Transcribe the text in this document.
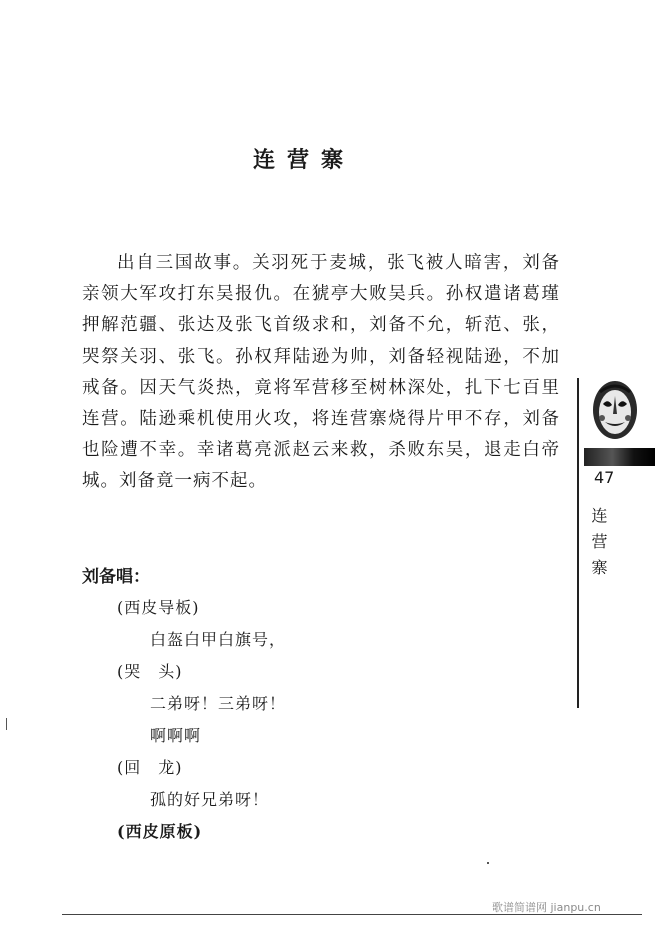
连营寨
出自三国故事。关羽死于麦城，张飞被人暗害，刘备亲领大军攻打东吴报仇。在猇亭大败吴兵。孙权遣诸葛瑾押解范疆、张达及张飞首级求和，刘备不允，斩范、张，哭祭关羽、张飞。孙权拜陆逊为帅，刘备轻视陆逊，不加戒备。因天气炎热，竟将军营移至树林深处，扎下七百里连营。陆逊乘机使用火攻，将连营寨烧得片甲不存，刘备也险遭不幸。幸诸葛亮派赵云来救，杀败东吴，退走白帝城。刘备竟一病不起。
刘备唱：
(西皮导板)
白盔白甲白旗号，
(哭　头)
二弟呀！三弟呀！
啊啊啊
(回　龙)
孤的好兄弟呀！
(西皮原板)
47
连营寨
歌谱简谱网 jianpu.cn
